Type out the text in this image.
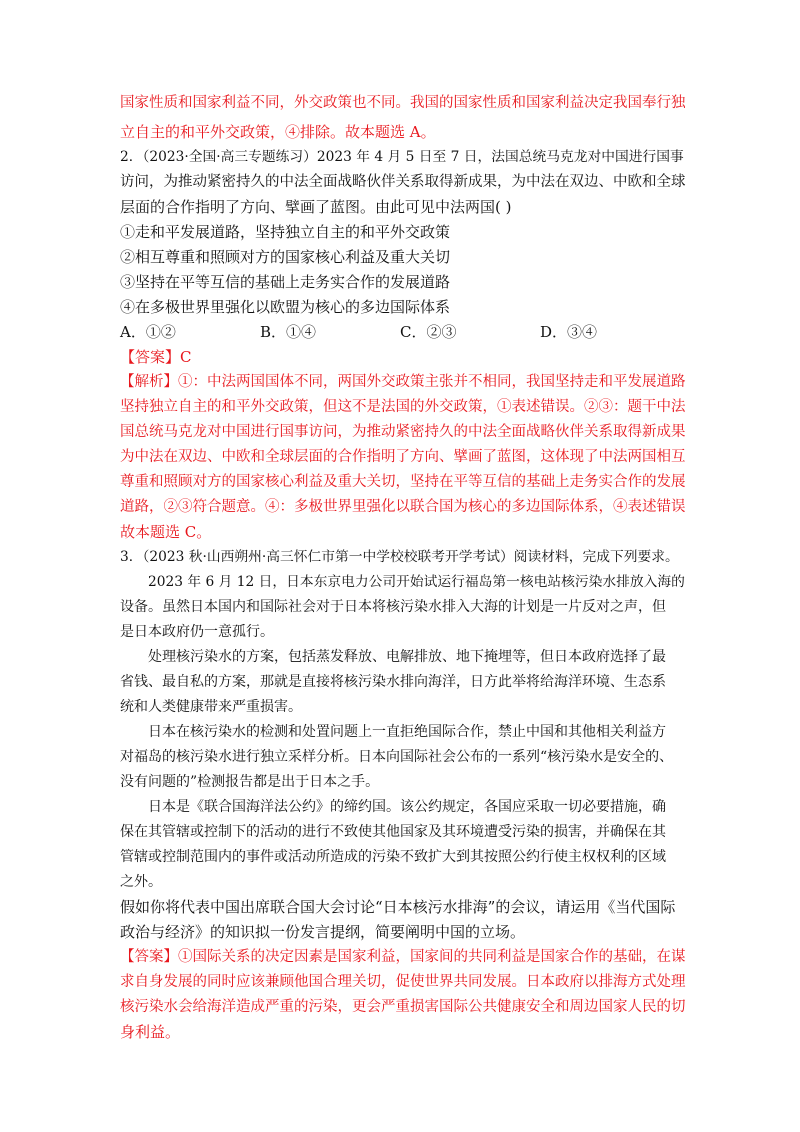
国家性质和国家利益不同，外交政策也不同。我国的国家性质和国家利益决定我国奉行独
立自主的和平外交政策，④排除。故本题选 A。
2．（2023·全国·高三专题练习）2023 年 4 月 5 日至 7 日，法国总统马克龙对中国进行国事
访问，为推动紧密持久的中法全面战略伙伴关系取得新成果，为中法在双边、中欧和全球
层面的合作指明了方向、擘画了蓝图。由此可见中法两国( )
①走和平发展道路，坚持独立自主的和平外交政策
②相互尊重和照顾对方的国家核心利益及重大关切
③坚持在平等互信的基础上走务实合作的发展道路
④在多极世界里强化以欧盟为核心的多边国际体系
A．①②	B．①④	C．②③	D．③④
【答案】C
【解析】①：中法两国国体不同，两国外交政策主张并不相同，我国坚持走和平发展道路
坚持独立自主的和平外交政策，但这不是法国的外交政策，①表述错误。②③：题干中法
国总统马克龙对中国进行国事访问，为推动紧密持久的中法全面战略伙伴关系取得新成果
为中法在双边、中欧和全球层面的合作指明了方向、擘画了蓝图，这体现了中法两国相互
尊重和照顾对方的国家核心利益及重大关切，坚持在平等互信的基础上走务实合作的发展
道路，②③符合题意。④：多极世界里强化以联合国为核心的多边国际体系，④表述错误
故本题选 C。
3．（2023 秋·山西朔州·高三怀仁市第一中学校校联考开学考试）阅读材料，完成下列要求。
2023 年 6 月 12 日，日本东京电力公司开始试运行福岛第一核电站核污染水排放入海的
设备。虽然日本国内和国际社会对于日本将核污染水排入大海的计划是一片反对之声，但
是日本政府仍一意孤行。
处理核污染水的方案，包括蒸发释放、电解排放、地下掩埋等，但日本政府选择了最
省钱、最自私的方案，那就是直接将核污染水排向海洋，日方此举将给海洋环境、生态系
统和人类健康带来严重损害。
日本在核污染水的检测和处置问题上一直拒绝国际合作，禁止中国和其他相关利益方
对福岛的核污染水进行独立采样分析。日本向国际社会公布的一系列“核污染水是安全的、
没有问题的”检测报告都是出于日本之手。
日本是《联合国海洋法公约》的缔约国。该公约规定，各国应采取一切必要措施，确
保在其管辖或控制下的活动的进行不致使其他国家及其环境遭受污染的损害，并确保在其
管辖或控制范围内的事件或活动所造成的污染不致扩大到其按照公约行使主权权利的区域
之外。
假如你将代表中国出席联合国大会讨论“日本核污水排海”的会议，请运用《当代国际
政治与经济》的知识拟一份发言提纲，简要阐明中国的立场。
【答案】①国际关系的决定因素是国家利益，国家间的共同利益是国家合作的基础，在谋
求自身发展的同时应该兼顾他国合理关切，促使世界共同发展。日本政府以排海方式处理
核污染水会给海洋造成严重的污染，更会严重损害国际公共健康安全和周边国家人民的切
身利益。
